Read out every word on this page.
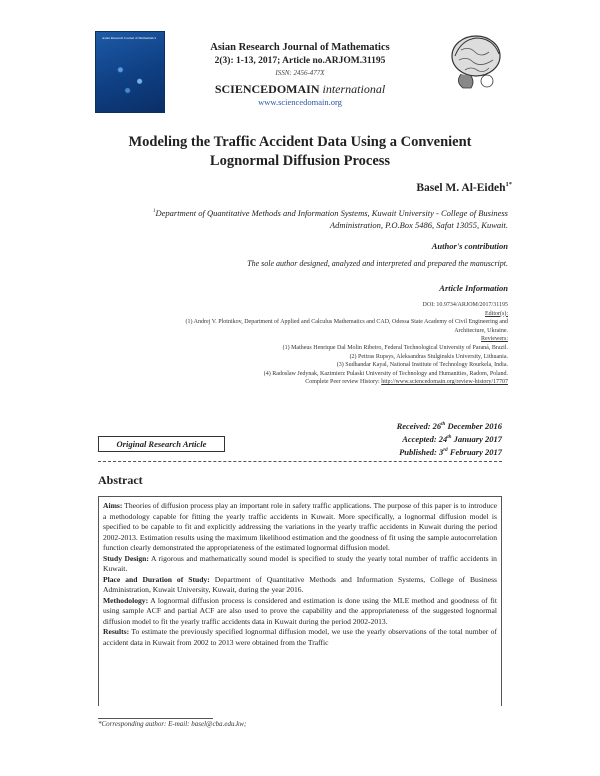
Asian Research Journal of Mathematics
Asian Research Journal of Mathematics
2(3): 1-13, 2017; Article no.ARJOM.31195
ISSN: 2456-477X
SCIENCEDOMAIN international
www.sciencedomain.org
Modeling the Traffic Accident Data Using a Convenient
Lognormal Diffusion Process
Basel M. Al-Eideh$^{1*}$
$^1$Department of Quantitative Methods and Information Systems, Kuwait University - College of Business
Administration, P.O.Box 5486, Safat 13055, Kuwait.
Author's contribution
The sole author designed, analyzed and interpreted and prepared the manuscript.
Article Information
DOI: 10.9734/ARJOM/2017/31195
Editor(s):
(1) Andrej V. Plotnikov, Department of Applied and Calculus Mathematics and CAD, Odessa State Academy of Civil Engineering and
Architecture, Ukraine.
Reviewers:
(1) Matheus Henrique Dal Molin Ribeiro, Federal Technological University of Paraná, Brazil.
(2) Pettras Rupsys, Aleksandras Stulginskis University, Lithuania.
(3) Sudhandar Kayal, National Institute of Technology Rourkela, India.
(4) Radoslaw Jedynak, Kazimierz Pulaski University of Technology and Humanities, Radom, Poland.
Complete Peer review History: http://www.sciencedomain.org/review-history/17707
Received: 26th December 2016
Accepted: 24th January 2017
Published: 3rd February 2017
Original Research Article
Abstract

Aims: Theories of diffusion process play an important role in safety traffic applications. The purpose of this paper is to introduce a methodology capable for fitting the yearly traffic accidents in Kuwait. More specifically, a lognormal diffusion model is specified to be capable to fit and explicitly addressing the variations in the yearly traffic accidents in Kuwait during the period 2002-2013. Estimation results using the maximum likelihood estimation and the goodness of fit using the sample autocorrelation function clearly demonstrated the appropriateness of the estimated lognormal diffusion model.

Study Design: A rigorous and mathematically sound model is specified to study the yearly total number of traffic accidents in Kuwait.

Place and Duration of Study: Department of Quantitative Methods and Information Systems, College of Business Administration, Kuwait University, Kuwait, during the year 2016.

Methodology: A lognormal diffusion process is considered and estimation is done using the MLE method and goodness of fit using sample ACF and partial ACF are also used to prove the capability and the appropriateness of the suggested lognormal diffusion model to fit the yearly traffic accidents data in Kuwait during the period 2002-2013.

Results: To estimate the previously specified lognormal diffusion model, we use the yearly observations of the total number of accident data in Kuwait from 2002 to 2013 were obtained from the Traffic

*Corresponding author: E-mail: basel@cba.edu.kw;
